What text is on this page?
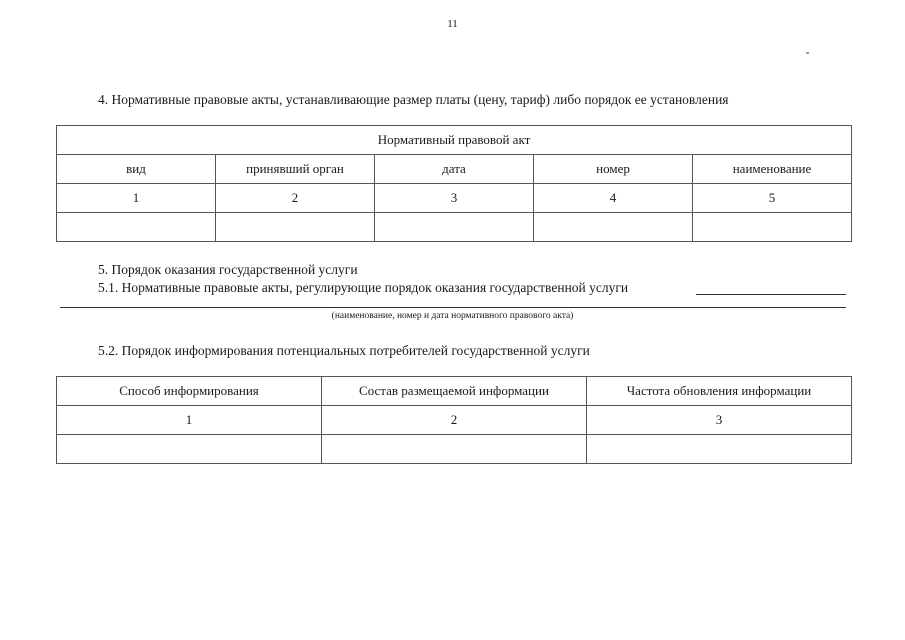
11
4. Нормативные правовые акты, устанавливающие размер платы (цену, тариф) либо порядок ее установления
Нормативный правовой акт				
вид	принявший орган	дата	номер	наименование
1	2	3	4	5

5. Порядок оказания государственной услуги
5.1. Нормативные правовые акты, регулирующие порядок оказания государственной услуги
(наименование, номер и дата нормативного правового акта)
5.2. Порядок информирования потенциальных потребителей государственной услуги
Способ информирования	Состав размещаемой информации	Частота обновления информации
1	2	3
